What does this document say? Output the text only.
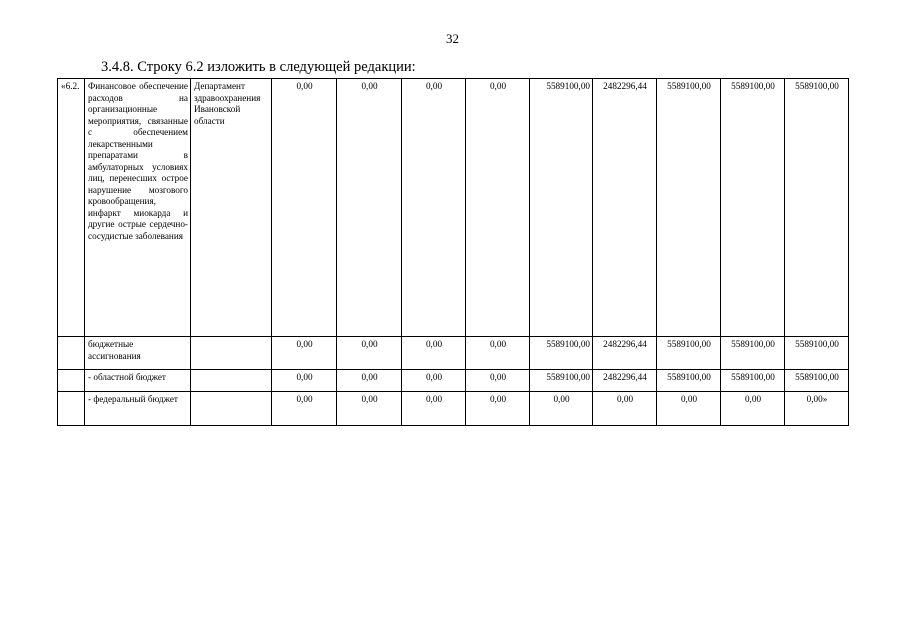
32
3.4.8. Строку 6.2 изложить в следующей редакции:
«6.2.	Финансовое обеспечение расходов на организационные мероприятия, связанные с обеспечением лекарственными препаратами в амбулаторных условиях лиц, перенесших острое нарушение мозгового кровообращения, инфаркт миокарда и другие острые сердечно-сосудистые заболевания	Департамент здравоохранения Ивановской области	0,00	0,00	0,00	0,00	5589100,00	2482296,44	5589100,00	5589100,00	5589100,00
	бюджетные ассигнования		0,00	0,00	0,00	0,00	5589100,00	2482296,44	5589100,00	5589100,00	5589100,00
	- областной бюджет		0,00	0,00	0,00	0,00	5589100,00	2482296,44	5589100,00	5589100,00	5589100,00
	- федеральный бюджет		0,00	0,00	0,00	0,00	0,00	0,00	0,00	0,00	0,00»
